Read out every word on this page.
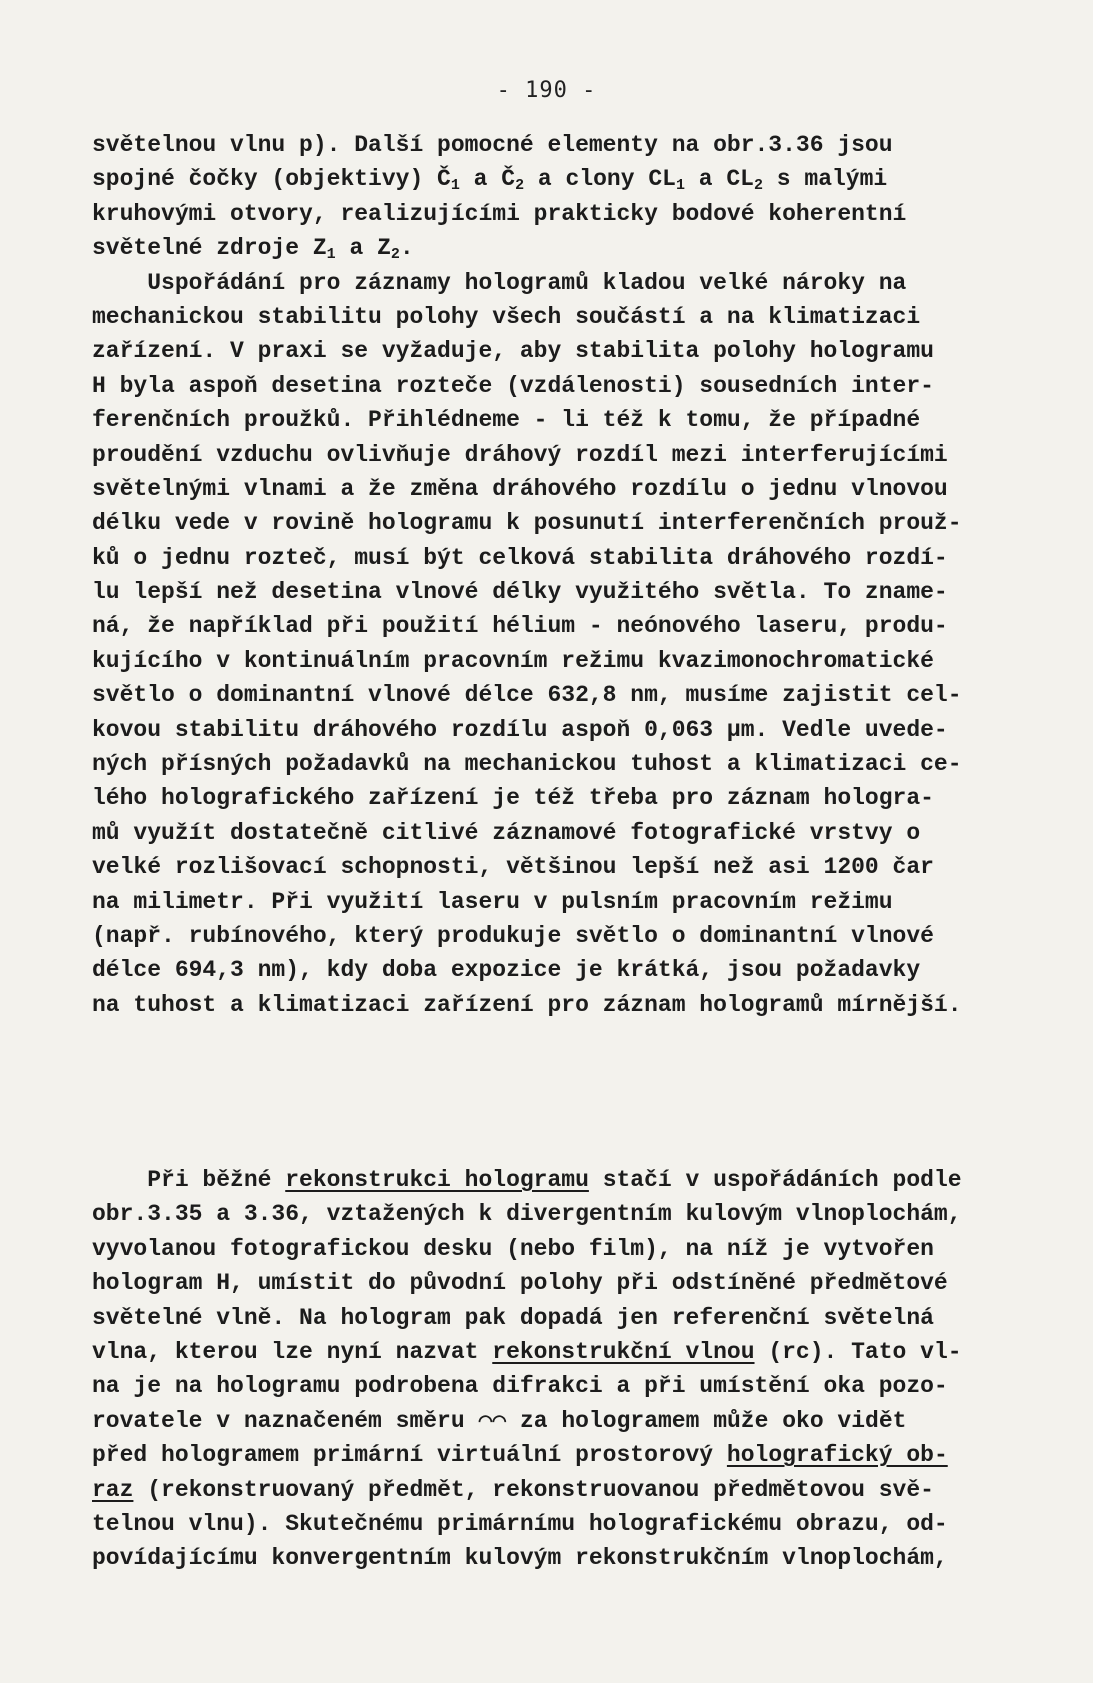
- 190 -
světelnou vlnu p). Další pomocné elementy na obr.3.36 jsou
spojné čočky (objektivy) $Č_1$ a $Č_2$ a clony $CL_1$ a $CL_2$ s malými
kruhovými otvory, realizujícími prakticky bodové koherentní
světelné zdroje $Z_1$ a $Z_2$.
Uspořádání pro záznamy hologramů kladou velké nároky na
mechanickou stabilitu polohy všech součástí a na klimatizaci
zařízení. V praxi se vyžaduje, aby stabilita polohy hologramu
H byla aspoň desetina rozteče (vzdálenosti) sousedních inter-
ferenčních proužků. Přihlédneme - li též k tomu, že případné
proudění vzduchu ovlivňuje dráhový rozdíl mezi interferujícími
světelnými vlnami a že změna dráhového rozdílu o jednu vlnovou
délku vede v rovině hologramu k posunutí interferenčních prouž-
ků o jednu rozteč, musí být celková stabilita dráhového rozdí-
lu lepší než desetina vlnové délky využitého světla. To zname-
ná, že například při použití hélium - neónového laseru, produ-
kujícího v kontinuálním pracovním režimu kvazimonochromatické
světlo o dominantní vlnové délce 632,8 nm, musíme zajistit cel-
kovou stabilitu dráhového rozdílu aspoň 0,063 μm. Vedle uvede-
ných přísných požadavků na mechanickou tuhost a klimatizaci ce-
lého holografického zařízení je též třeba pro záznam hologra-
mů využít dostatečně citlivé záznamové fotografické vrstvy o
velké rozlišovací schopnosti, většinou lepší než asi 1200 čar
na milimetr. Při využití laseru v pulsním pracovním režimu
(např. rubínového, který produkuje světlo o dominantní vlnové
délce 694,3 nm), kdy doba expozice je krátká, jsou požadavky
na tuhost a klimatizaci zařízení pro záznam hologramů mírnější.
Při běžné rekonstrukci hologramu stačí v uspořádáních podle
obr.3.35 a 3.36, vztažených k divergentním kulovým vlnoplochám,
vyvolanou fotografickou desku (nebo film), na níž je vytvořen
hologram H, umístit do původní polohy při odstíněné předmětové
světelné vlně. Na hologram pak dopadá jen referenční světelná
vlna, kterou lze nyní nazvat rekonstrukční vlnou (rc). Tato vl-
na je na hologramu podrobena difrakci a při umístění oka pozo-
rovatele v naznačeném směru ⌒⌒ za hologramem může oko vidět
před hologramem primární virtuální prostorový holografický ob-
raz (rekonstruovaný předmět, rekonstruovanou předmětovou svě-
telnou vlnu). Skutečnému primárnímu holografickému obrazu, od-
povídajícímu konvergentním kulovým rekonstrukčním vlnoplochám,
